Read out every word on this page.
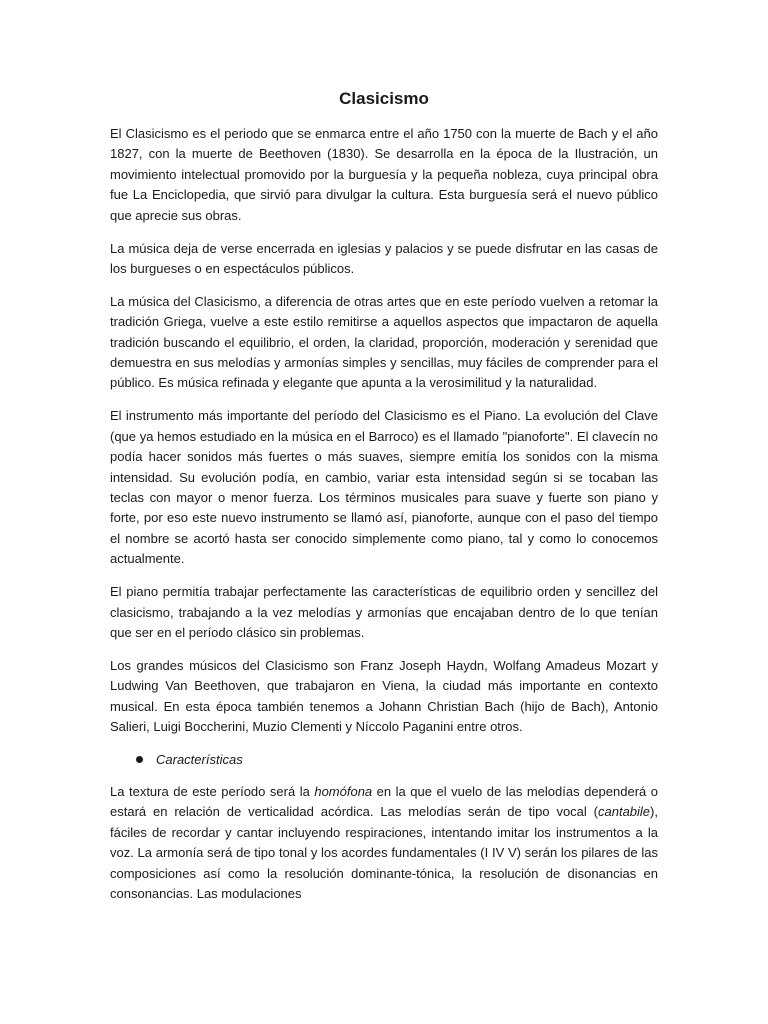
Clasicismo

El Clasicismo es el periodo que se enmarca entre el año 1750 con la muerte de Bach y el año 1827, con la muerte de Beethoven (1830). Se desarrolla en la época de la Ilustración, un movimiento intelectual promovido por la burguesía y la pequeña nobleza, cuya principal obra fue La Enciclopedia, que sirvió para divulgar la cultura. Esta burguesía será el nuevo público que aprecie sus obras.

La música deja de verse encerrada en iglesias y palacios y se puede disfrutar en las casas de los burgueses o en espectáculos públicos.

La música del Clasicismo, a diferencia de otras artes que en este período vuelven a retomar la tradición Griega, vuelve a este estilo remitirse a aquellos aspectos que impactaron de aquella tradición buscando el equilibrio, el orden, la claridad, proporción, moderación y serenidad que demuestra en sus melodías y armonías simples y sencillas, muy fáciles de comprender para el público. Es música refinada y elegante que apunta a la verosimilitud y la naturalidad.

El instrumento más importante del período del Clasicismo es el Piano. La evolución del Clave (que ya hemos estudiado en la música en el Barroco) es el llamado "pianoforte". El clavecín no podía hacer sonidos más fuertes o más suaves, siempre emitía los sonidos con la misma intensidad. Su evolución podía, en cambio, variar esta intensidad según si se tocaban las teclas con mayor o menor fuerza. Los términos musicales para suave y fuerte son piano y forte, por eso este nuevo instrumento se llamó así, pianoforte, aunque con el paso del tiempo el nombre se acortó hasta ser conocido simplemente como piano, tal y como lo conocemos actualmente.

El piano permitía trabajar perfectamente las características de equilibrio orden y sencillez del clasicismo, trabajando a la vez melodías y armonías que encajaban dentro de lo que tenían que ser en el período clásico sin problemas.

Los grandes músicos del Clasicismo son Franz Joseph Haydn, Wolfang Amadeus Mozart y Ludwing Van Beethoven, que trabajaron en Viena, la ciudad más importante en contexto musical. En esta época también tenemos a Johann Christian Bach (hijo de Bach), Antonio Salieri, Luigi Boccherini, Muzio Clementi y Níccolo Paganini entre otros.

Características

La textura de este período será la homófona en la que el vuelo de las melodías dependerá o estará en relación de verticalidad acórdica. Las melodías serán de tipo vocal (cantabile), fáciles de recordar y cantar incluyendo respiraciones, intentando imitar los instrumentos a la voz. La armonía será de tipo tonal y los acordes fundamentales (I IV V) serán los pilares de las composiciones así como la resolución dominante-tónica, la resolución de disonancias en consonancias. Las modulaciones
